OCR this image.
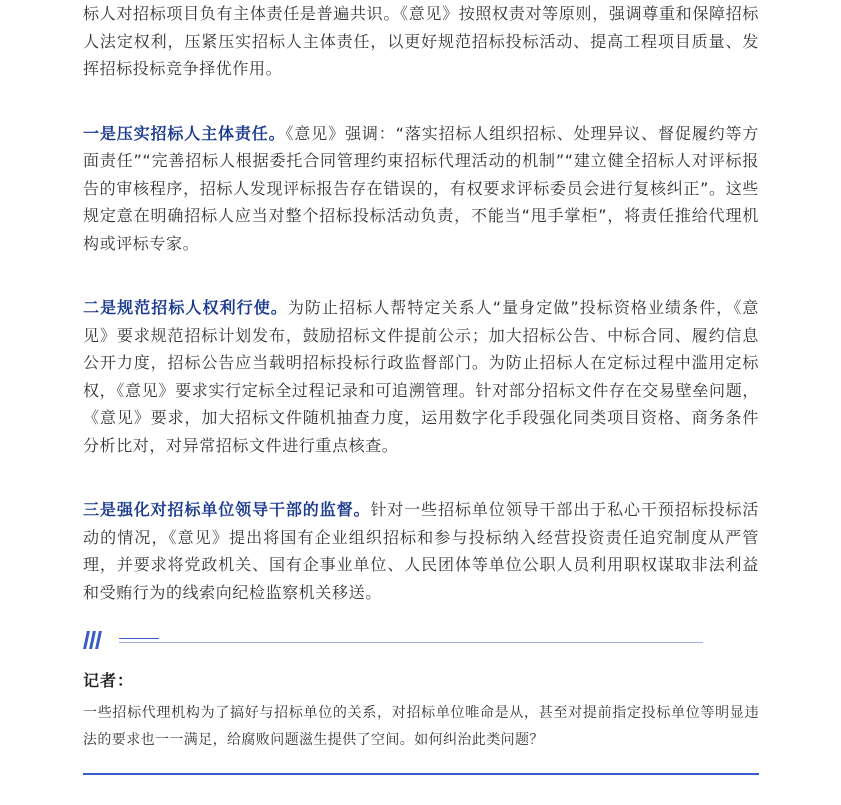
标人对招标项目负有主体责任是普遍共识。《意见》按照权责对等原则，强调尊重和保障招标人法定权利，压紧压实招标人主体责任，以更好规范招标投标活动、提高工程项目质量、发挥招标投标竞争择优作用。

一是压实招标人主体责任。《意见》强调：“落实招标人组织招标、处理异议、督促履约等方面责任”“完善招标人根据委托合同管理约束招标代理活动的机制”“建立健全招标人对评标报告的审核程序，招标人发现评标报告存在错误的，有权要求评标委员会进行复核纠正”。这些规定意在明确招标人应当对整个招标投标活动负责，不能当“甩手掌柜”，将责任推给代理机构或评标专家。

二是规范招标人权利行使。为防止招标人帮特定关系人“量身定做”投标资格业绩条件，《意见》要求规范招标计划发布，鼓励招标文件提前公示；加大招标公告、中标合同、履约信息公开力度，招标公告应当载明招标投标行政监督部门。为防止招标人在定标过程中滥用定标权，《意见》要求实行定标全过程记录和可追溯管理。针对部分招标文件存在交易壁垒问题，《意见》要求，加大招标文件随机抽查力度，运用数字化手段强化同类项目资格、商务条件分析比对，对异常招标文件进行重点核查。

三是强化对招标单位领导干部的监督。针对一些招标单位领导干部出于私心干预招标投标活动的情况，《意见》提出将国有企业组织招标和参与投标纳入经营投资责任追究制度从严管理，并要求将党政机关、国有企事业单位、人民团体等单位公职人员利用职权谋取非法利益和受贿行为的线索向纪检监察机关移送。

记者：

一些招标代理机构为了搞好与招标单位的关系，对招标单位唯命是从，甚至对提前指定投标单位等明显违法的要求也一一满足，给腐败问题滋生提供了空间。如何纠治此类问题？
